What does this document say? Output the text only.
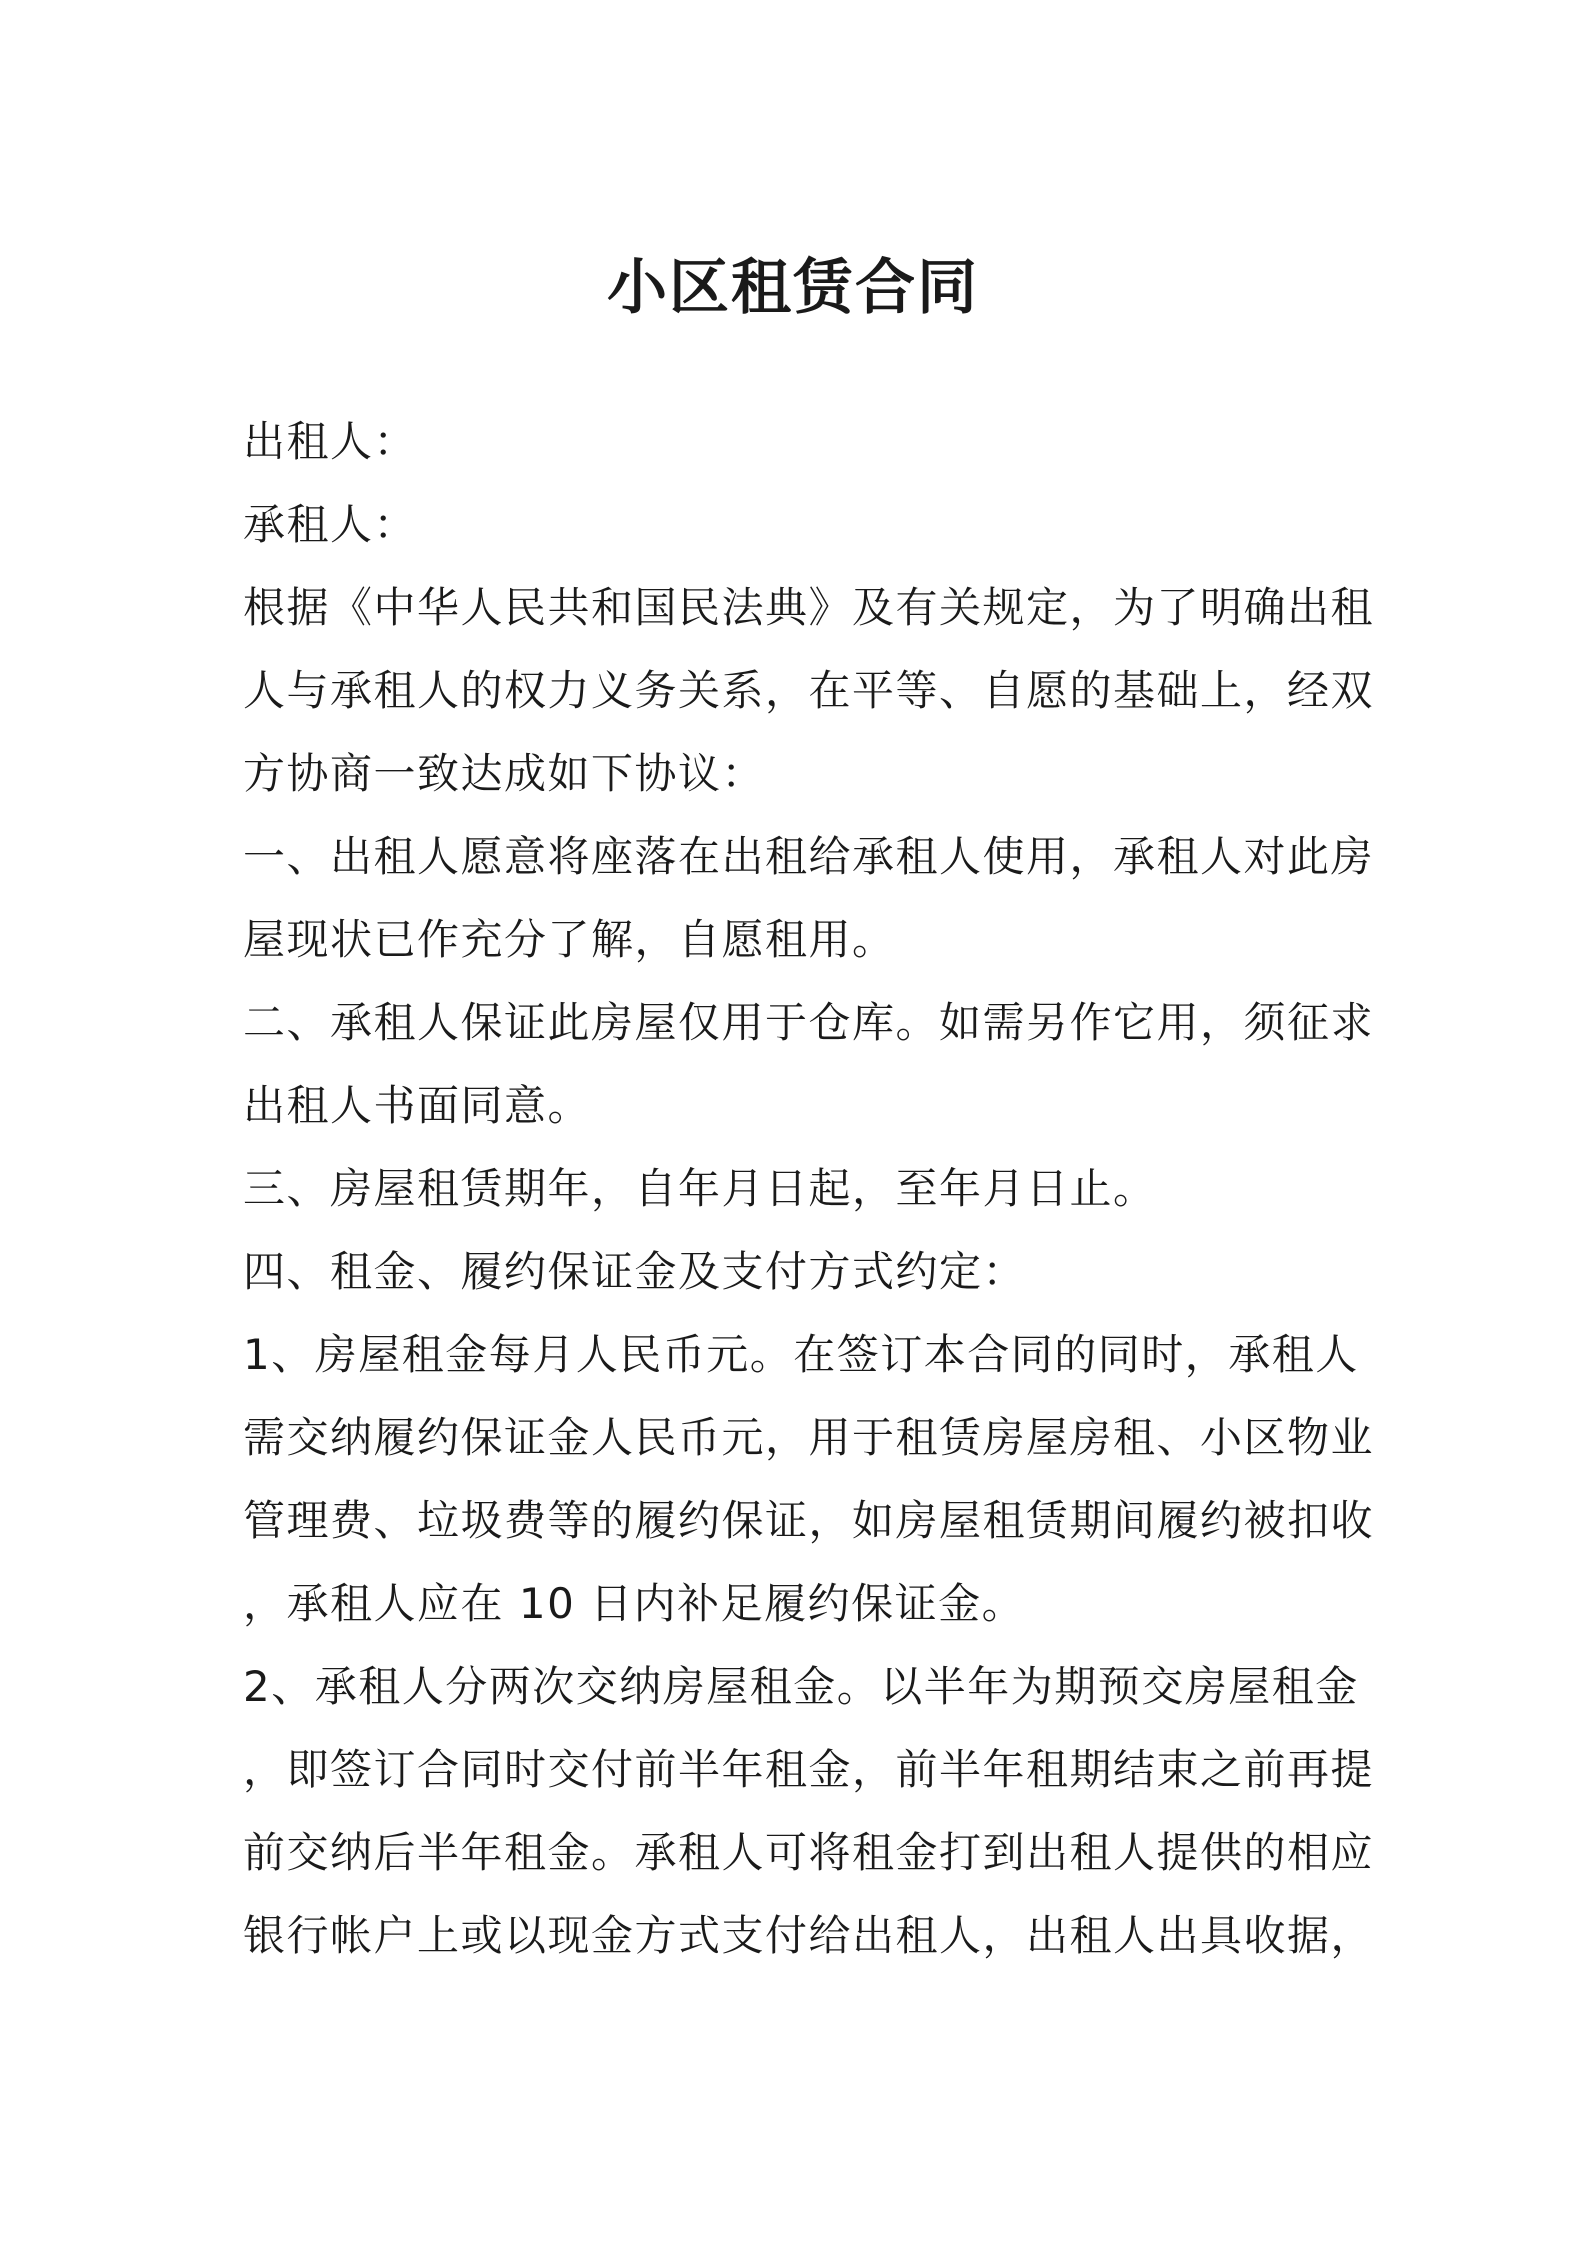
小区租赁合同
出租人：
承租人：
根据《中华人民共和国民法典》及有关规定，为了明确出租
人与承租人的权力义务关系，在平等、自愿的基础上，经双
方协商一致达成如下协议：
一、出租人愿意将座落在出租给承租人使用，承租人对此房
屋现状已作充分了解，自愿租用。
二、承租人保证此房屋仅用于仓库。如需另作它用，须征求
出租人书面同意。
三、房屋租赁期年，自年月日起，至年月日止。
四、租金、履约保证金及支付方式约定：
1、房屋租金每月人民币元。在签订本合同的同时，承租人
需交纳履约保证金人民币元，用于租赁房屋房租、小区物业
管理费、垃圾费等的履约保证，如房屋租赁期间履约被扣收
，承租人应在 10 日内补足履约保证金。
2、承租人分两次交纳房屋租金。以半年为期预交房屋租金
，即签订合同时交付前半年租金，前半年租期结束之前再提
前交纳后半年租金。承租人可将租金打到出租人提供的相应
银行帐户上或以现金方式支付给出租人，出租人出具收据，
